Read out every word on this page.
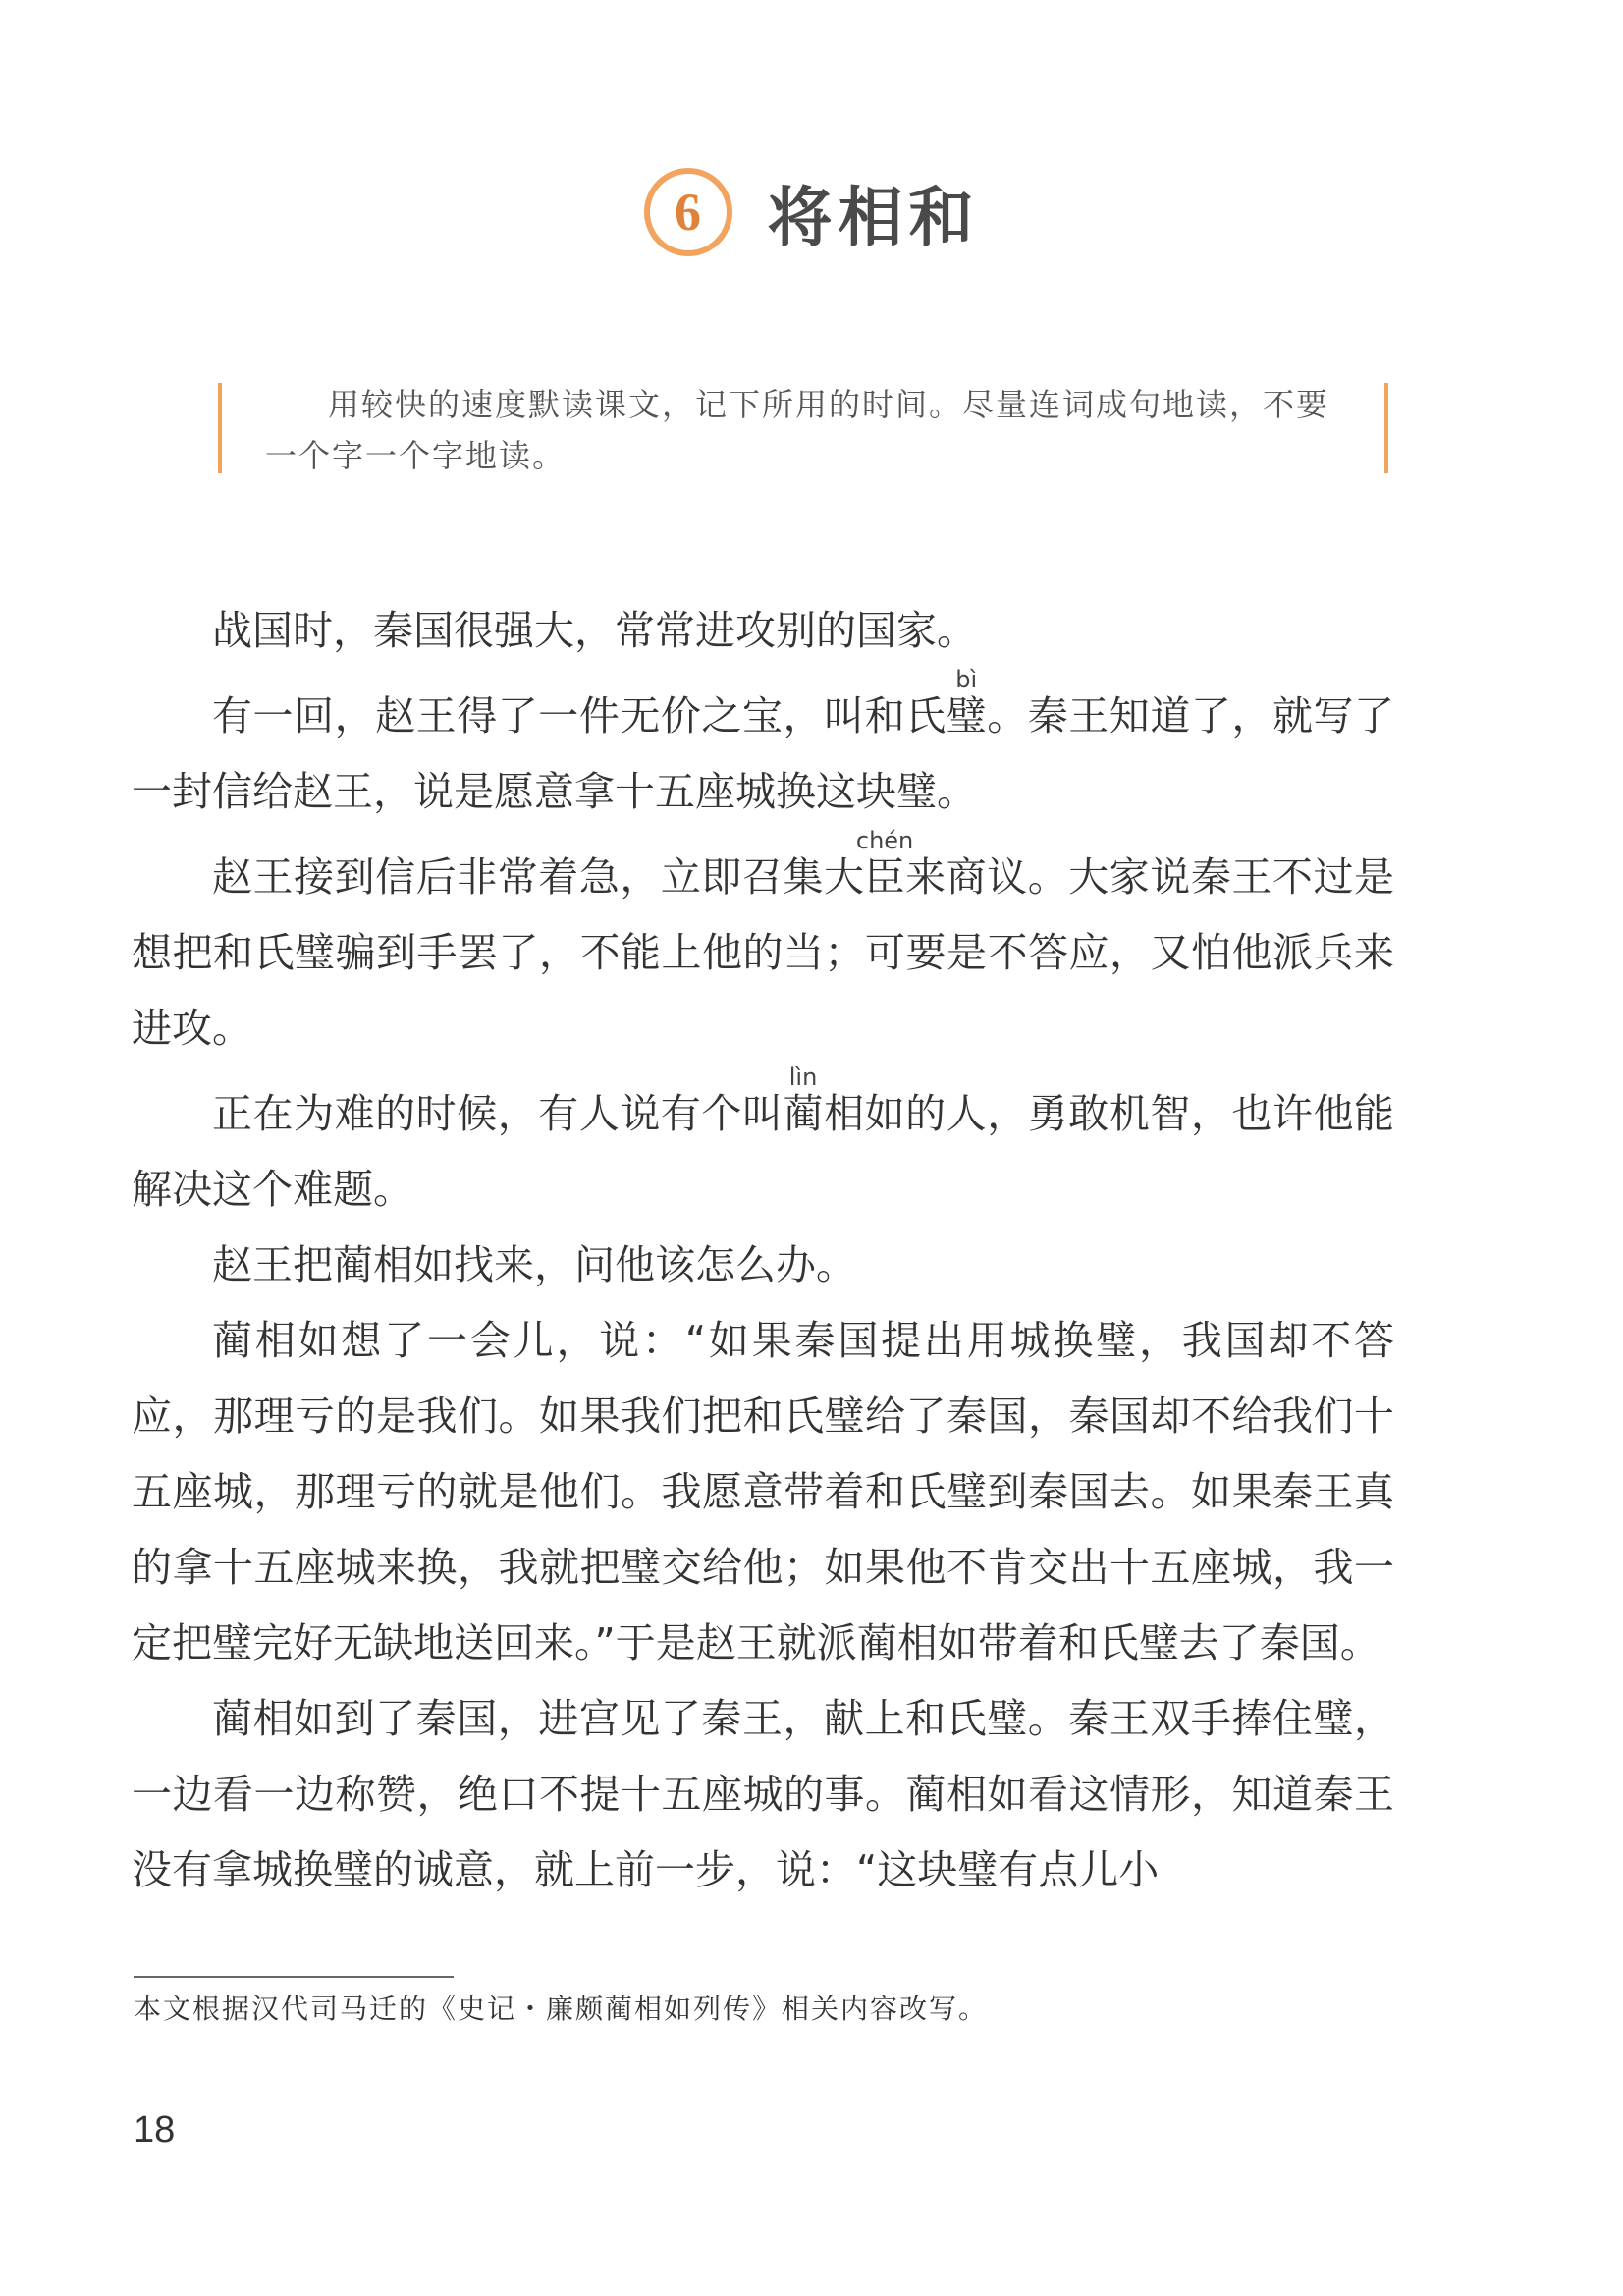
6	将相和
用较快的速度默读课文，记下所用的时间。尽量连词成句地读，不要一个字一个字地读。

战国时，秦国很强大，常常进攻别的国家。

有一回，赵王得了一件无价之宝，叫和氏璧bì。秦王知道了，就写了一封信给赵王，说是愿意拿十五座城换这块璧。

赵王接到信后非常着急，立即召集大臣chén来商议。大家说秦王不过是想把和氏璧骗到手罢了，不能上他的当；可要是不答应，又怕他派兵来进攻。

正在为难的时候，有人说有个叫蔺lìn相如的人，勇敢机智，也许他能解决这个难题。

赵王把蔺相如找来，问他该怎么办。

蔺相如想了一会儿，说：“如果秦国提出用城换璧，我国却不答应，那理亏的是我们。如果我们把和氏璧给了秦国，秦国却不给我们十五座城，那理亏的就是他们。我愿意带着和氏璧到秦国去。如果秦王真的拿十五座城来换，我就把璧交给他；如果他不肯交出十五座城，我一定把璧完好无缺地送回来。”于是赵王就派蔺相如带着和氏璧去了秦国。

蔺相如到了秦国，进宫见了秦王，献上和氏璧。秦王双手捧住璧，一边看一边称赞，绝口不提十五座城的事。蔺相如看这情形，知道秦王没有拿城换璧的诚意，就上前一步，说：“这块璧有点儿小

本文根据汉代司马迁的《史记・廉颇蔺相如列传》相关内容改写。
18
